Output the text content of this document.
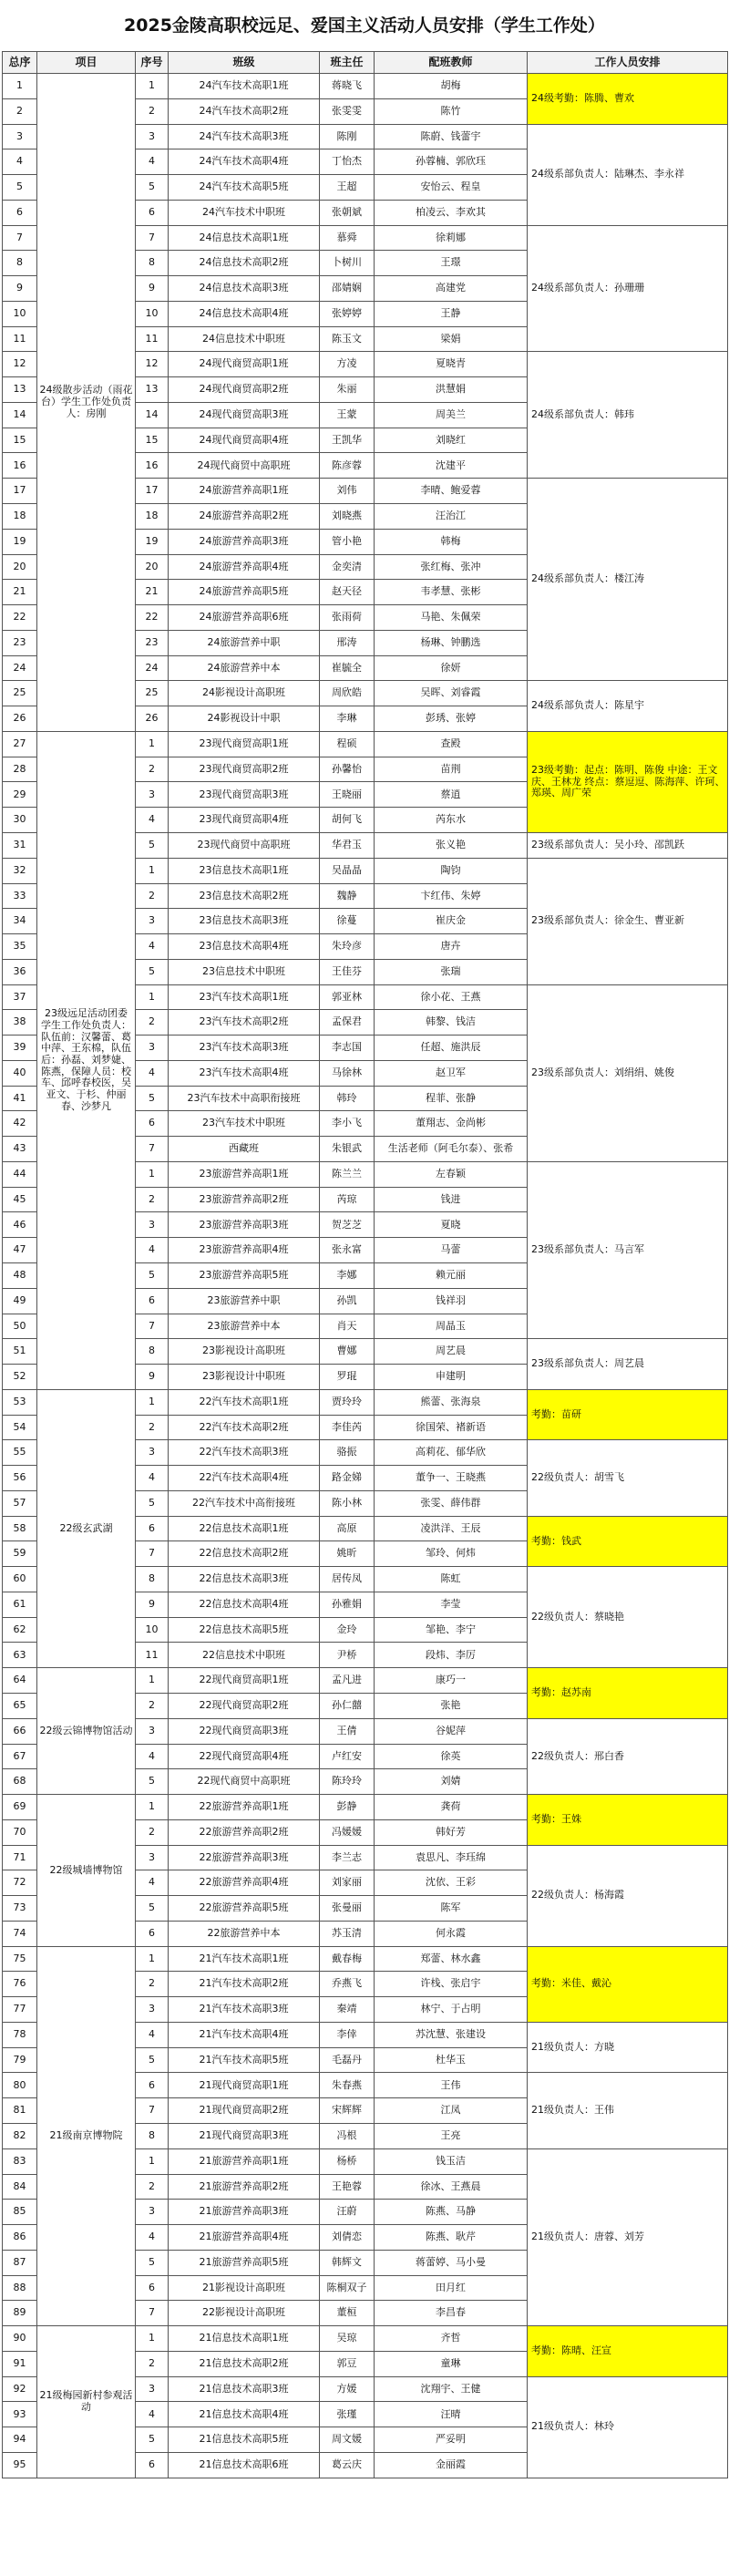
2025金陵高职校远足、爱国主义活动人员安排（学生工作处）
总序	项目	序号	班级	班主任	配班教师	工作人员安排
1	24级散步活动（雨花台）学生工作处负责人：房刚	1	24汽车技术高职1班	蒋晓飞	胡梅	24级考勤：陈腾、曹欢
2		2	24汽车技术高职2班	张雯雯	陈竹	
3		3	24汽车技术高职3班	陈刚	陈蔚、钱蕾宇	24级系部负责人：陆琳杰、李永祥
4		4	24汽车技术高职4班	丁怡杰	孙蓉楠、郭欣珏	
5		5	24汽车技术高职5班	王超	安怡云、程皇	
6		6	24汽车技术中职班	张朝斌	柏凌云、李欢其	
7		7	24信息技术高职1班	慕舜	徐莉娜	24级系部负责人：孙珊珊
8		8	24信息技术高职2班	卜树川	王璟	
9		9	24信息技术高职3班	邵婧娴	高建党	
10		10	24信息技术高职4班	张婷婷	王静	
11		11	24信息技术中职班	陈玉文	梁娟	
12		12	24现代商贸高职1班	方凌	夏晓青	24级系部负责人：韩玮
13		13	24现代商贸高职2班	朱丽	洪慧娟	
14		14	24现代商贸高职3班	王蒙	周美兰	
15		15	24现代商贸高职4班	王凯华	刘晓红	
16		16	24现代商贸中高职班	陈彦蓉	沈建平	
17		17	24旅游营养高职1班	刘伟	李晴、鲍爱蓉	24级系部负责人：楼江涛
18		18	24旅游营养高职2班	刘晓燕	汪治江	
19		19	24旅游营养高职3班	管小艳	韩梅	
20		20	24旅游营养高职4班	金奕清	张红梅、张冲	
21		21	24旅游营养高职5班	赵天径	韦孝慧、张彬	
22		22	24旅游营养高职6班	张雨荷	马艳、朱佩荣	
23		23	24旅游营养中职	邢涛	杨琳、钟鹏选	
24		24	24旅游营养中本	崔毓全	徐妍	
25		25	24影视设计高职班	周欣皓	吴晖、刘睿霞	24级系部负责人：陈星宇
26		26	24影视设计中职	李琳	彭琇、张婷	
27	23级远足活动团委 学生工作处负责人：队伍前：汉馨蕾、葛中萍、王东棉，队伍后：孙磊、刘梦婕、陈燕，保障人员：校车、邱呼春校医，吴亚文、于杉、仲丽春、沙梦凡	1	23现代商贸高职1班	程硕	查殿	23级考勤：起点：陈明、陈俊 中途：王文庆、王林龙 终点：蔡逗逗、陈海萍、许珂、郑瑛、周广荣
28		2	23现代商贸高职2班	孙馨怡	苗荆	
29		3	23现代商贸高职3班	王晓丽	蔡逍	
30		4	23现代商贸高职4班	胡何飞	芮东水	
31		5	23现代商贸中高职班	华君玉	张义艳	23级系部负责人：吴小玲、邵凯跃
32		1	23信息技术高职1班	吴晶晶	陶钧	23级系部负责人：徐金生、曹亚新
33		2	23信息技术高职2班	魏静	卞红伟、朱婷	
34		3	23信息技术高职3班	徐蔓	崔庆金	
35		4	23信息技术高职4班	朱玲彦	唐卉	
36		5	23信息技术中职班	王佳芬	张瑞	
37		1	23汽车技术高职1班	郭亚林	徐小花、王燕	23级系部负责人：刘绢绢、姚俊
38		2	23汽车技术高职2班	孟保君	韩黎、钱洁	
39		3	23汽车技术高职3班	李志国	任超、施洪辰	
40		4	23汽车技术高职4班	马徐林	赵卫军	
41		5	23汽车技术中高职衔接班	韩玲	程菲、张静	
42		6	23汽车技术中职班	李小飞	董翔志、金尚彬	
43		7	西藏班	朱银武	生活老师（阿毛尔泰）、张希	
44		1	23旅游营养高职1班	陈兰兰	左春颖	23级系部负责人：马言军
45		2	23旅游营养高职2班	芮琼	钱进	
46		3	23旅游营养高职3班	贺芝芝	夏晓	
47		4	23旅游营养高职4班	张永富	马蕾	
48		5	23旅游营养高职5班	李娜	赖元丽	
49		6	23旅游营养中职	孙凯	钱祥羽	
50		7	23旅游营养中本	肖天	周晶玉	
51		8	23影视设计高职班	曹娜	周艺晨	23级系部负责人：周艺晨
52		9	23影视设计中职班	罗琨	申建明	
53	22级玄武湖	1	22汽车技术高职1班	贾玲玲	熊蕾、张海泉	考勤：苗研
54		2	22汽车技术高职2班	李佳芮	徐国荣、褚新语	
55		3	22汽车技术高职3班	骆振	高莉花、郁华欣	22级负责人：胡雪飞
56		4	22汽车技术高职4班	路金娣	董争一、王晓燕	
57		5	22汽车技术中高衔接班	陈小林	张雯、薛伟群	
58		6	22信息技术高职1班	高原	凌洪洋、王辰	考勤：钱武
59		7	22信息技术高职2班	姚昕	邹玲、何炜	
60		8	22信息技术高职3班	居传凤	陈虹	22级负责人：蔡晓艳
61		9	22信息技术高职4班	孙雅娟	李莹	
62		10	22信息技术高职5班	金玲	邹艳、李宁	
63		11	22信息技术中职班	尹桥	段炜、李厉	
64	22级云锦博物馆活动	1	22现代商贸高职1班	孟凡进	康巧一	考勤：赵苏南
65		2	22现代商贸高职2班	孙仁囍	张艳	
66		3	22现代商贸高职3班	王倩	谷妮萍	22级负责人：邢白香
67		4	22现代商贸高职4班	卢红安	徐英	
68		5	22现代商贸中高职班	陈玲玲	刘婧	
69	22级城墙博物馆	1	22旅游营养高职1班	彭静	龚荷	考勤：王姝
70		2	22旅游营养高职2班	冯媛媛	韩好芳	
71		3	22旅游营养高职3班	李兰志	袁思凡、李珏绵	22级负责人：杨海霞
72		4	22旅游营养高职4班	刘家丽	沈依、王彩	
73		5	22旅游营养高职5班	张曼丽	陈军	
74		6	22旅游营养中本	苏玉清	何永霞	
75	21级南京博物院	1	21汽车技术高职1班	戴春梅	郑蕾、林水鑫	考勤：米佳、戴沁
76		2	21汽车技术高职2班	乔燕飞	许栈、张启宇	
77		3	21汽车技术高职3班	秦靖	林宁、于占明	
78		4	21汽车技术高职4班	李倖	苏沈慧、张建设	21级负责人：方晓
79		5	21汽车技术高职5班	毛磊丹	杜华玉	
80		6	21现代商贸高职1班	朱春燕	王伟	21级负责人：王伟
81		7	21现代商贸高职2班	宋辉辉	江凤	
82		8	21现代商贸高职3班	冯根	王亮	
83		1	21旅游营养高职1班	杨桥	钱玉洁	21级负责人：唐蓉、刘芳
84		2	21旅游营养高职2班	王艳蓉	徐冰、王燕晨	
85		3	21旅游营养高职3班	汪蔚	陈燕、马静	
86		4	21旅游营养高职4班	刘倩恋	陈燕、耿芹	
87		5	21旅游营养高职5班	韩辉文	蒋蕾婷、马小曼	
88		6	21影视设计高职班	陈桐双子	田月红	
89		7	22影视设计高职班	董桓	李昌春	
90	21级梅园新村参观活动	1	21信息技术高职1班	吴琼	齐哲	考勤：陈晴、汪宣
91		2	21信息技术高职2班	郭豆	童琳	
92		3	21信息技术高职3班	方媛	沈翔宇、王健	21级负责人：林玲
93		4	21信息技术高职4班	张瑾	汪晴	
94		5	21信息技术高职5班	周文媛	严妥明	
95		6	21信息技术高职6班	葛云庆	金丽霞	
